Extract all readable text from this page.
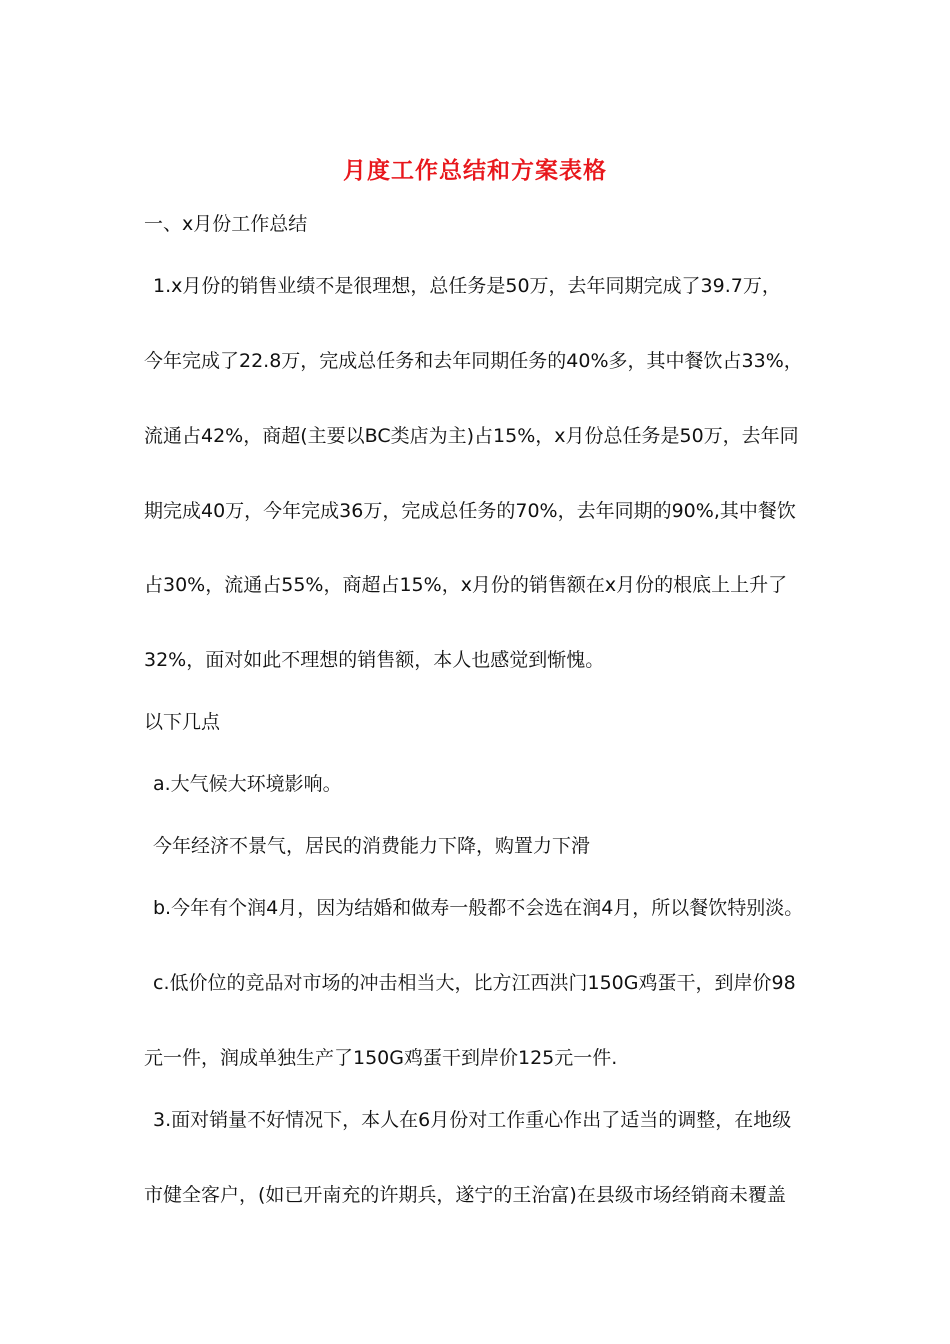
月度工作总结和方案表格
一、x月份工作总结
1.x月份的销售业绩不是很理想，总任务是50万，去年同期完成了39.7万，
今年完成了22.8万，完成总任务和去年同期任务的40%多，其中餐饮占33%，
流通占42%，商超(主要以BC类店为主)占15%，x月份总任务是50万，去年同
期完成40万，今年完成36万，完成总任务的70%，去年同期的90%,其中餐饮
占30%，流通占55%，商超占15%，x月份的销售额在x月份的根底上上升了
32%，面对如此不理想的销售额，本人也感觉到惭愧。
以下几点
a.大气候大环境影响。
今年经济不景气，居民的消费能力下降，购置力下滑
b.今年有个润4月，因为结婚和做寿一般都不会选在润4月，所以餐饮特别淡。
c.低价位的竞品对市场的冲击相当大，比方江西洪门150G鸡蛋干，到岸价98
元一件，润成单独生产了150G鸡蛋干到岸价125元一件.
3.面对销量不好情况下，本人在6月份对工作重心作出了适当的调整，在地级
市健全客户，(如已开南充的许期兵，遂宁的王治富)在县级市场经销商未覆盖
